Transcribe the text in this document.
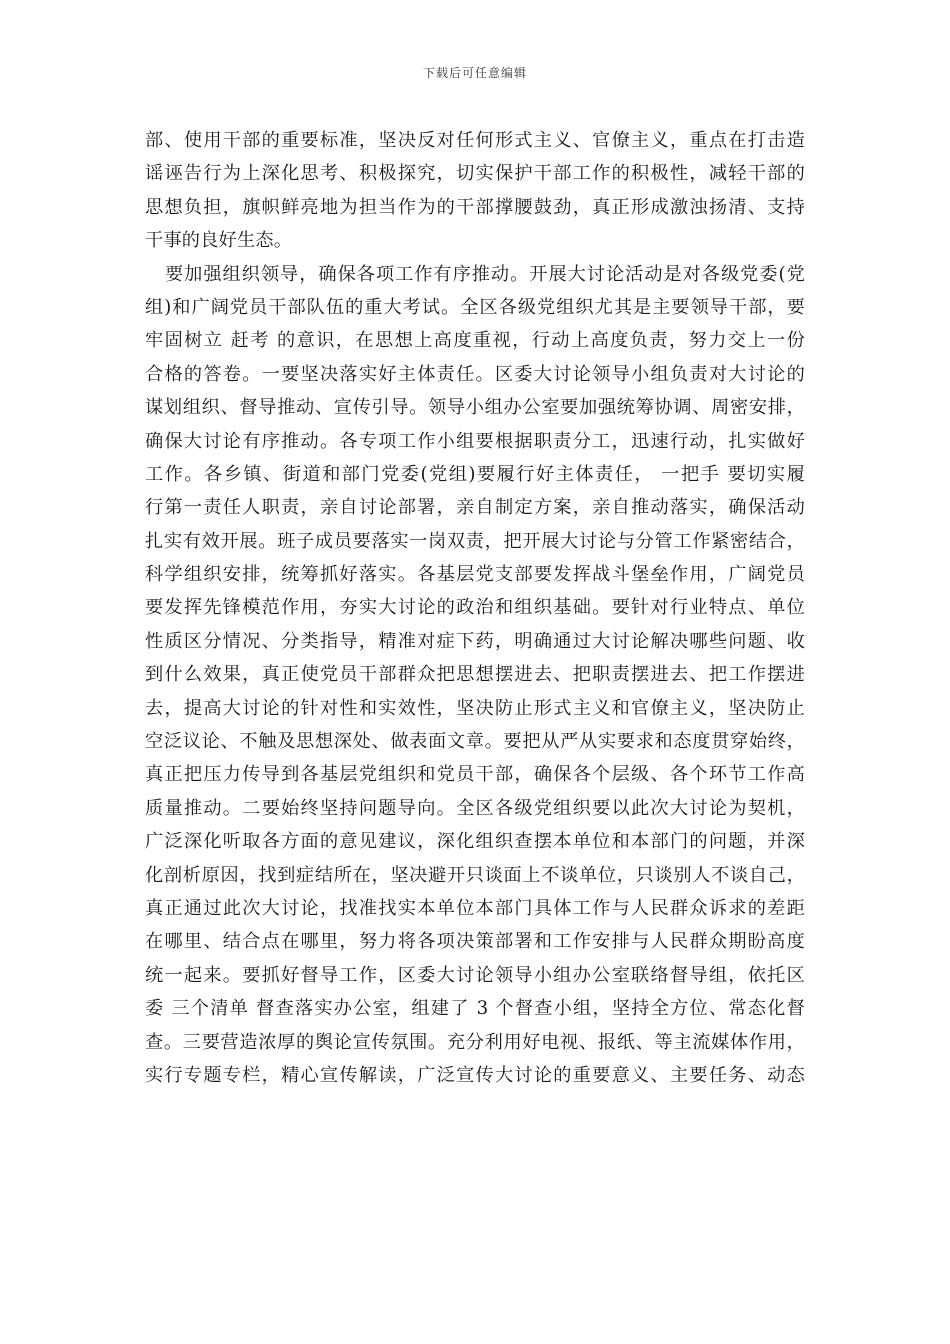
下载后可任意编辑
部、使用干部的重要标准，坚决反对任何形式主义、官僚主义，重点在打击造
谣诬告行为上深化思考、积极探究，切实保护干部工作的积极性，减轻干部的
思想负担，旗帜鲜亮地为担当作为的干部撑腰鼓劲，真正形成激浊扬清、支持
干事的良好生态。
要加强组织领导，确保各项工作有序推动。开展大讨论活动是对各级党委(党
组)和广阔党员干部队伍的重大考试。全区各级党组织尤其是主要领导干部，要
牢固树立 赶考 的意识，在思想上高度重视，行动上高度负责，努力交上一份
合格的答卷。一要坚决落实好主体责任。区委大讨论领导小组负责对大讨论的
谋划组织、督导推动、宣传引导。领导小组办公室要加强统筹协调、周密安排，
确保大讨论有序推动。各专项工作小组要根据职责分工，迅速行动，扎实做好
工作。各乡镇、街道和部门党委(党组)要履行好主体责任， 一把手 要切实履
行第一责任人职责，亲自讨论部署，亲自制定方案，亲自推动落实，确保活动
扎实有效开展。班子成员要落实一岗双责，把开展大讨论与分管工作紧密结合，
科学组织安排，统筹抓好落实。各基层党支部要发挥战斗堡垒作用，广阔党员
要发挥先锋模范作用，夯实大讨论的政治和组织基础。要针对行业特点、单位
性质区分情况、分类指导，精准对症下药，明确通过大讨论解决哪些问题、收
到什么效果，真正使党员干部群众把思想摆进去、把职责摆进去、把工作摆进
去，提高大讨论的针对性和实效性，坚决防止形式主义和官僚主义，坚决防止
空泛议论、不触及思想深处、做表面文章。要把从严从实要求和态度贯穿始终，
真正把压力传导到各基层党组织和党员干部，确保各个层级、各个环节工作高
质量推动。二要始终坚持问题导向。全区各级党组织要以此次大讨论为契机，
广泛深化听取各方面的意见建议，深化组织查摆本单位和本部门的问题，并深
化剖析原因，找到症结所在，坚决避开只谈面上不谈单位，只谈别人不谈自己，
真正通过此次大讨论，找准找实本单位本部门具体工作与人民群众诉求的差距
在哪里、结合点在哪里，努力将各项决策部署和工作安排与人民群众期盼高度
统一起来。要抓好督导工作，区委大讨论领导小组办公室联络督导组，依托区
委 三个清单 督查落实办公室，组建了 3 个督查小组，坚持全方位、常态化督
查。三要营造浓厚的舆论宣传氛围。充分利用好电视、报纸、等主流媒体作用，
实行专题专栏，精心宣传解读，广泛宣传大讨论的重要意义、主要任务、动态
